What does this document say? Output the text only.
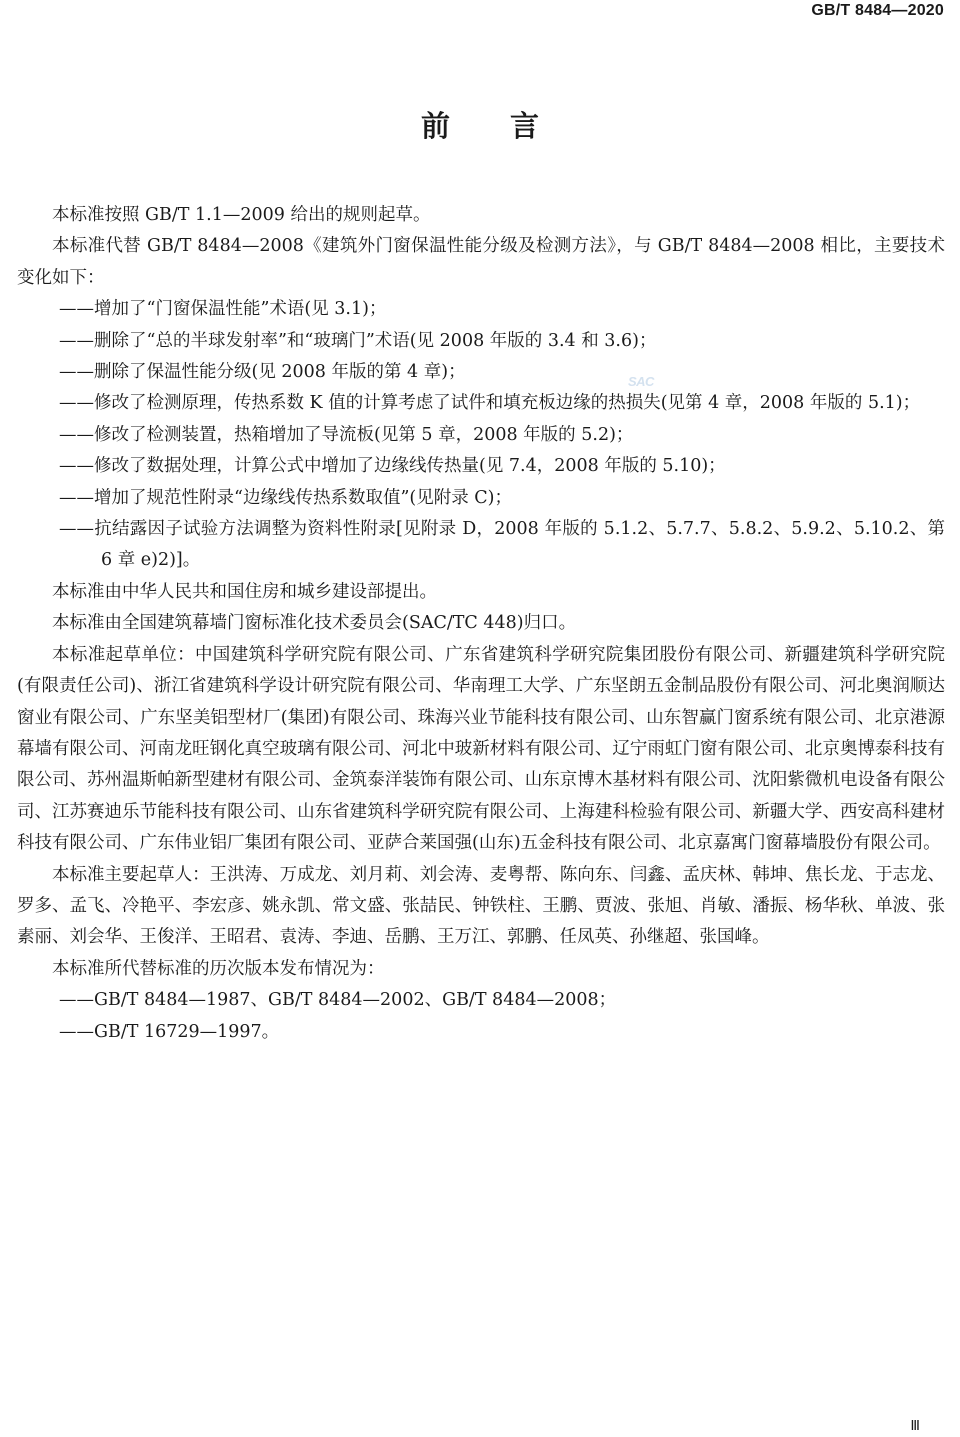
GB/T 8484—2020
SAC
前言

本标准按照 GB/T 1.1—2009 给出的规则起草。

本标准代替 GB/T 8484—2008《建筑外门窗保温性能分级及检测方法》，与 GB/T 8484—2008 相比，主要技术变化如下：

——增加了“门窗保温性能”术语(见 3.1)；

——删除了“总的半球发射率”和“玻璃门”术语(见 2008 年版的 3.4 和 3.6)；

——删除了保温性能分级(见 2008 年版的第 4 章)；

——修改了检测原理，传热系数 K 值的计算考虑了试件和填充板边缘的热损失(见第 4 章，2008 年版的 5.1)；

——修改了检测装置，热箱增加了导流板(见第 5 章，2008 年版的 5.2)；

——修改了数据处理，计算公式中增加了边缘线传热量(见 7.4，2008 年版的 5.10)；

——增加了规范性附录“边缘线传热系数取值”(见附录 C)；

——抗结露因子试验方法调整为资料性附录[见附录 D，2008 年版的 5.1.2、5.7.7、5.8.2、5.9.2、5.10.2、第 6 章 e)2)]。

本标准由中华人民共和国住房和城乡建设部提出。

本标准由全国建筑幕墙门窗标准化技术委员会(SAC/TC 448)归口。

本标准起草单位：中国建筑科学研究院有限公司、广东省建筑科学研究院集团股份有限公司、新疆建筑科学研究院(有限责任公司)、浙江省建筑科学设计研究院有限公司、华南理工大学、广东坚朗五金制品股份有限公司、河北奥润顺达窗业有限公司、广东坚美铝型材厂(集团)有限公司、珠海兴业节能科技有限公司、山东智赢门窗系统有限公司、北京港源幕墙有限公司、河南龙旺钢化真空玻璃有限公司、河北中玻新材料有限公司、辽宁雨虹门窗有限公司、北京奥博泰科技有限公司、苏州温斯帕新型建材有限公司、金筑泰洋装饰有限公司、山东京博木基材料有限公司、沈阳紫微机电设备有限公司、江苏赛迪乐节能科技有限公司、山东省建筑科学研究院有限公司、上海建科检验有限公司、新疆大学、西安高科建材科技有限公司、广东伟业铝厂集团有限公司、亚萨合莱国强(山东)五金科技有限公司、北京嘉寓门窗幕墙股份有限公司。

本标准主要起草人：王洪涛、万成龙、刘月莉、刘会涛、麦粤帮、陈向东、闫鑫、孟庆林、韩坤、焦长龙、于志龙、罗多、孟飞、冷艳平、李宏彦、姚永凯、常文盛、张喆民、钟铁柱、王鹏、贾波、张旭、肖敏、潘振、杨华秋、单波、张素丽、刘会华、王俊洋、王昭君、袁涛、李迪、岳鹏、王万江、郭鹏、任凤英、孙继超、张国峰。

本标准所代替标准的历次版本发布情况为：

——GB/T 8484—1987、GB/T 8484—2002、GB/T 8484—2008；

——GB/T 16729—1997。

Ⅲ
